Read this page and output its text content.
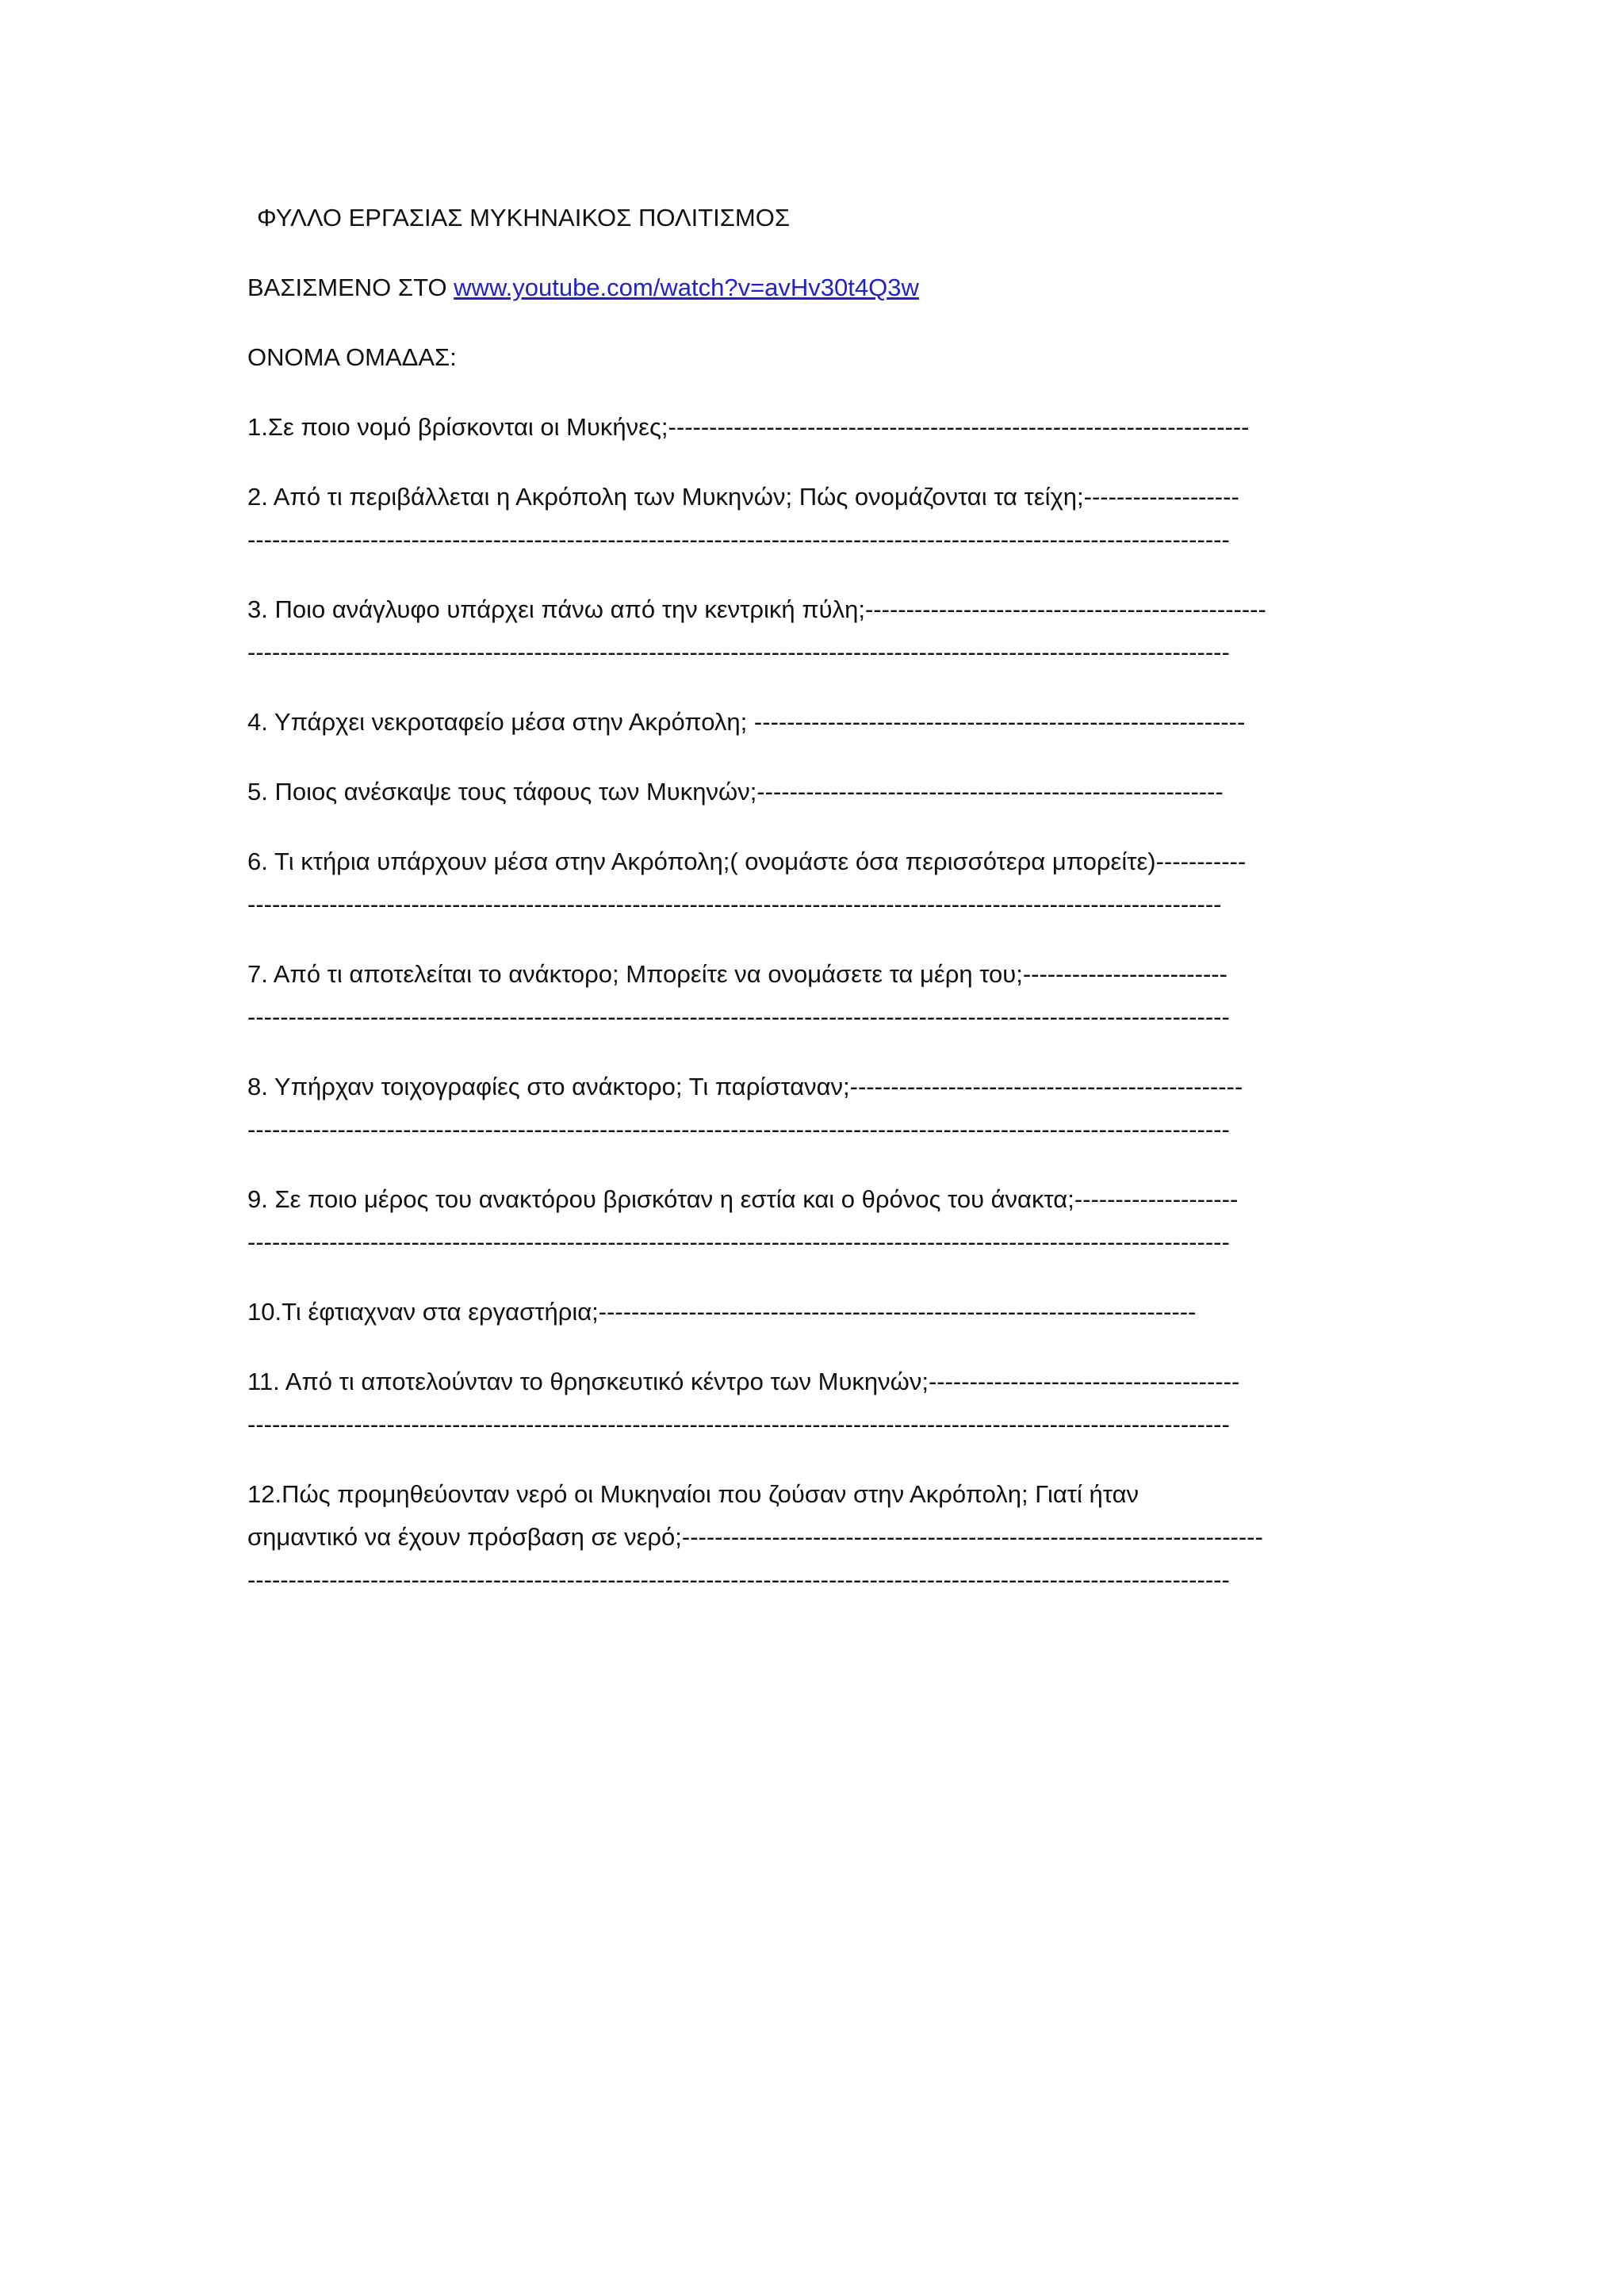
ΦΥΛΛΟ ΕΡΓΑΣΙΑΣ ΜΥΚΗΝΑΙΚΟΣ ΠΟΛΙΤΙΣΜΟΣ
ΒΑΣΙΣΜΕΝΟ ΣΤΟ www.youtube.com/watch?v=avHv30t4Q3w
ΟΝΟΜΑ ΟΜΑΔΑΣ:
1.Σε ποιο νομό βρίσκονται οι Μυκήνες;-----------------------------------------------------------------------
2. Από τι περιβάλλεται η Ακρόπολη των Μυκηνών; Πώς ονομάζονται τα τείχη;-------------------
------------------------------------------------------------------------------------------------------------------------
3. Ποιο ανάγλυφο υπάρχει πάνω από την κεντρική πύλη;-------------------------------------------------
------------------------------------------------------------------------------------------------------------------------
4. Υπάρχει νεκροταφείο μέσα στην Ακρόπολη; ------------------------------------------------------------
5. Ποιος ανέσκαψε τους τάφους των Μυκηνών;---------------------------------------------------------
6. Τι κτήρια υπάρχουν μέσα στην Ακρόπολη;( ονομάστε όσα περισσότερα μπορείτε)-----------
-----------------------------------------------------------------------------------------------------------------------
7. Από τι αποτελείται το ανάκτορο; Μπορείτε να ονομάσετε τα μέρη του;-------------------------
------------------------------------------------------------------------------------------------------------------------
8. Υπήρχαν τοιχογραφίες στο ανάκτορο; Τι παρίσταναν;------------------------------------------------
------------------------------------------------------------------------------------------------------------------------
9. Σε ποιο μέρος του ανακτόρου βρισκόταν η εστία και ο θρόνος του άνακτα;--------------------
------------------------------------------------------------------------------------------------------------------------
10.Τι έφτιαχναν στα εργαστήρια;-------------------------------------------------------------------------
11. Από τι αποτελούνταν το θρησκευτικό κέντρο των Μυκηνών;--------------------------------------
------------------------------------------------------------------------------------------------------------------------
12.Πώς προμηθεύονταν νερό οι Μυκηναίοι που ζούσαν στην Ακρόπολη; Γιατί ήταν
σημαντικό να έχουν πρόσβαση σε νερό;-----------------------------------------------------------------------
------------------------------------------------------------------------------------------------------------------------
